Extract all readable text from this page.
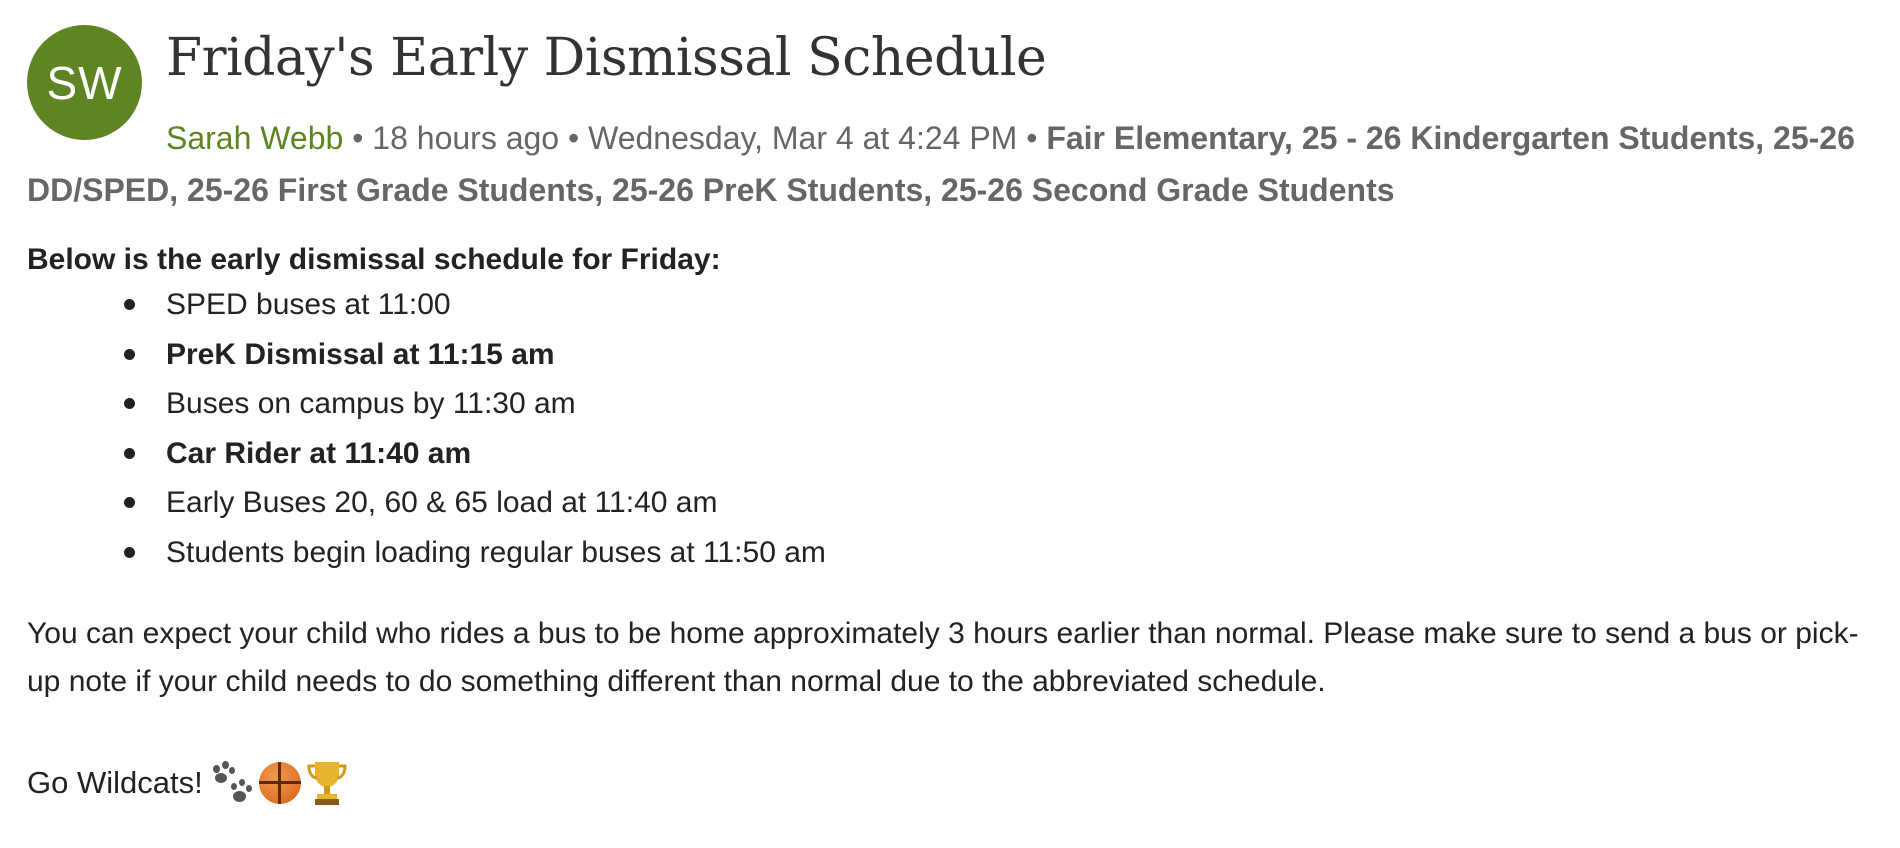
SW Friday's Early Dismissal Schedule
Sarah Webb • 18 hours ago • Wednesday, Mar 4 at 4:24 PM • Fair Elementary, 25 - 26 Kindergarten Students, 25-26 DD/SPED, 25-26 First Grade Students, 25-26 PreK Students, 25-26 Second Grade Students

Below is the early dismissal schedule for Friday:

SPED buses at 11:00
PreK Dismissal at 11:15 am
Buses on campus by 11:30 am
Car Rider at 11:40 am
Early Buses 20, 60 & 65 load at 11:40 am
Students begin loading regular buses at 11:50 am

You can expect your child who rides a bus to be home approximately 3 hours earlier than normal. Please make sure to send a bus or pick-up note if your child needs to do something different than normal due to the abbreviated schedule.

Go Wildcats!
